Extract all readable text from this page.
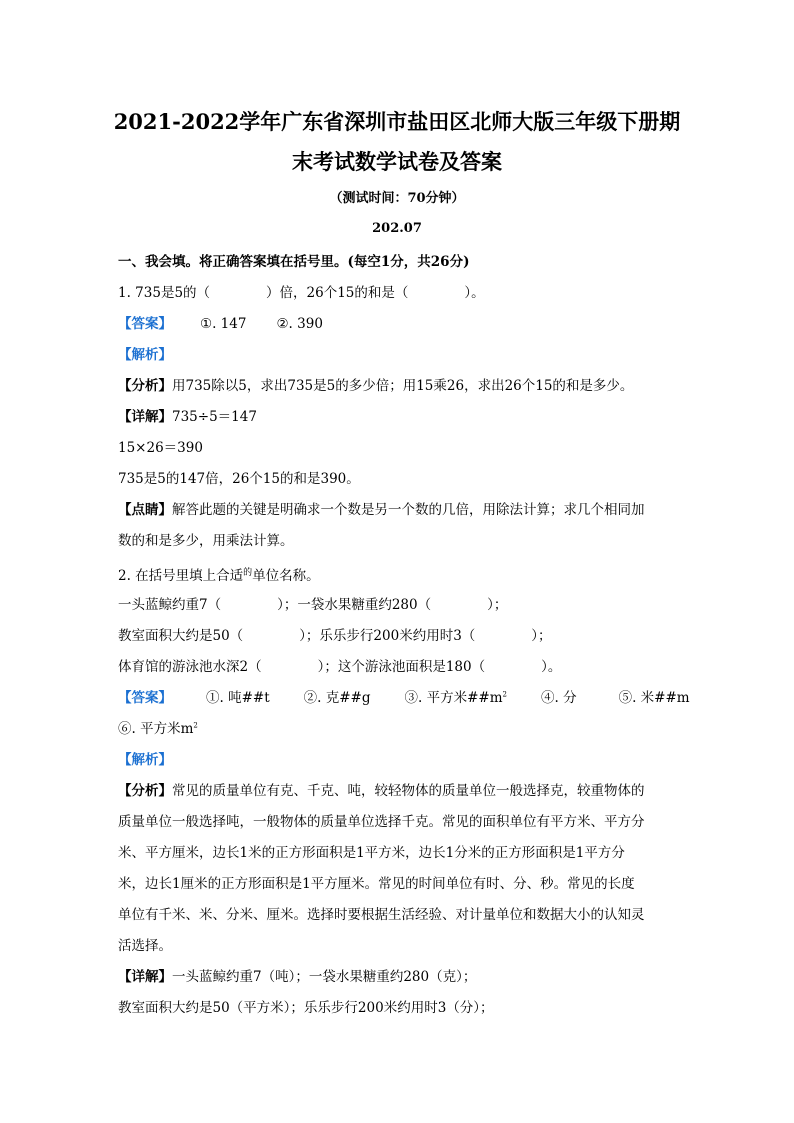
2021-2022学年广东省深圳市盐田区北师大版三年级下册期
末考试数学试卷及答案
（测试时间：70分钟）
202.07
一、我会填。将正确答案填在括号里。(每空1分，共26分)
1. 735是5的（	）倍，26个15的和是（	）。
【答案】 ①. 147 ②. 390
【解析】
【分析】用735除以5，求出735是5的多少倍；用15乘26，求出26个15的和是多少。
【详解】735÷5＝147
15×26＝390
735是5的147倍，26个15的和是390。
【点睛】解答此题的关键是明确求一个数是另一个数的几倍，用除法计算；求几个相同加
数的和是多少，用乘法计算。
2. 在括号里填上合适$^的$单位名称。
一头蓝鲸约重7（	）；一袋水果糖重约280（	）；
教室面积大约是50（	）；乐乐步行200米约用时3（	）；
体育馆的游泳池水深2（	）；这个游泳池面积是180（	）。
【答案】	①. 吨##t	②. 克##g	③. 平方米$\#\#m^2$	④. 分	⑤. 米##m
⑥. 平方米$m^2$
【解析】
【分析】常见的质量单位有克、千克、吨，较轻物体的质量单位一般选择克，较重物体的
质量单位一般选择吨，一般物体的质量单位选择千克。常见的面积单位有平方米、平方分
米、平方厘米，边长1米的正方形面积是1平方米，边长1分米的正方形面积是1平方分
米，边长1厘米的正方形面积是1平方厘米。常见的时间单位有时、分、秒。常见的长度
单位有千米、米、分米、厘米。选择时要根据生活经验、对计量单位和数据大小的认知灵
活选择。
【详解】一头蓝鲸约重7（吨）；一袋水果糖重约280（克）；
教室面积大约是50（平方米）；乐乐步行200米约用时3（分）；
